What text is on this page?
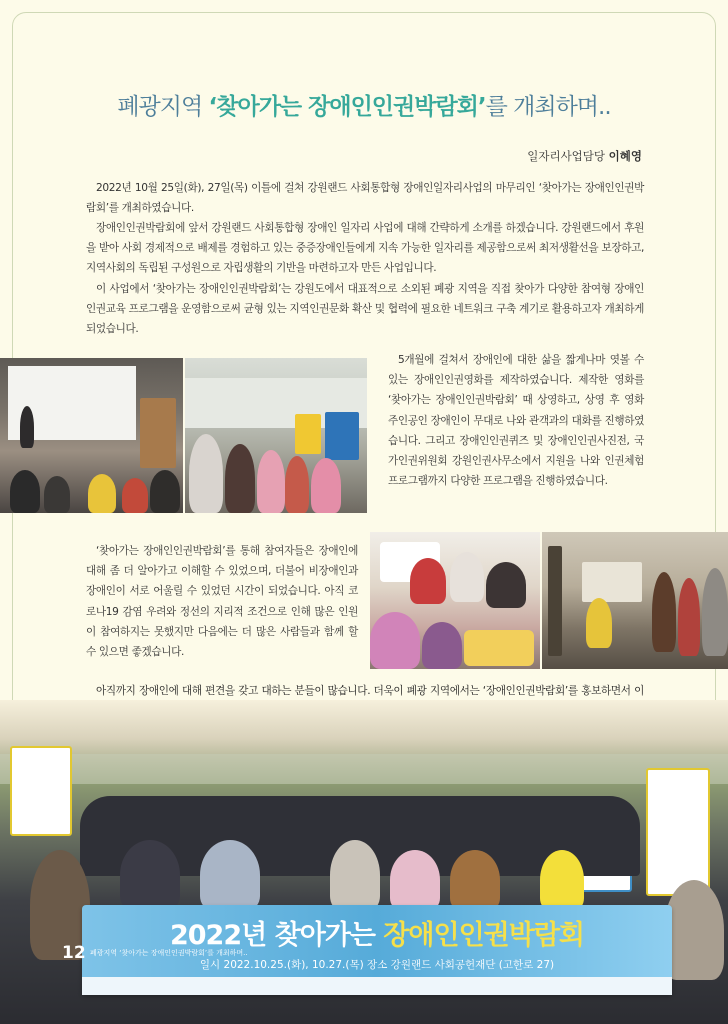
폐광지역 ‘찾아가는 장애인인권박람회’를 개최하며..
일자리사업담당 이혜영

2022년 10월 25일(화), 27일(목) 이틀에 걸쳐 강원랜드 사회통합형 장애인일자리사업의 마무리인 ‘찾아가는 장애인인권박람회’를 개최하였습니다.

장애인인권박람회에 앞서 강원랜드 사회통합형 장애인 일자리 사업에 대해 간략하게 소개를 하겠습니다. 강원랜드에서 후원을 받아 사회 경제적으로 배제를 경험하고 있는 중증장애인들에게 지속 가능한 일자리를 제공함으로써 최저생활선을 보장하고, 지역사회의 독립된 구성원으로 자립생활의 기반을 마련하고자 만든 사업입니다.

이 사업에서 ‘찾아가는 장애인인권박람회’는 강원도에서 대표적으로 소외된 폐광 지역을 직접 찾아가 다양한 참여형 장애인인권교육 프로그램을 운영함으로써 균형 있는 지역인권문화 확산 및 협력에 필요한 네트워크 구축 계기로 활용하고자 개최하게 되었습니다.

5개월에 걸쳐서 장애인에 대한 삶을 짧게나마 엿볼 수 있는 장애인인권영화를 제작하였습니다. 제작한 영화를 ‘찾아가는 장애인인권박람회’ 때 상영하고, 상영 후 영화 주인공인 장애인이 무대로 나와 관객과의 대화를 진행하였습니다. 그리고 장애인인권퀴즈 및 장애인인권사진전, 국가인권위원회 강원인권사무소에서 지원을 나와 인권체험프로그램까지 다양한 프로그램을 진행하였습니다.

‘찾아가는 장애인인권박람회’를 통해 참여자들은 장애인에 대해 좀 더 알아가고 이해할 수 있었으며, 더불어 비장애인과 장애인이 서로 어울릴 수 있었던 시간이 되었습니다. 아직 코로나19 감염 우려와 정선의 지리적 조건으로 인해 많은 인원이 참여하지는 못했지만 다음에는 더 많은 사람들과 함께 할 수 있으면 좋겠습니다.

아직까지 장애인에 대해 편견을 갖고 대하는 분들이 많습니다. 더욱이 폐광 지역에서는 ‘장애인인권박람회’를 홍보하면서 이

2022년 찾아가는 장애인인권박람회
일시 2022.10.25.(화), 10.27.(목) 장소 강원랜드 사회공헌재단 (고한로 27)
12 폐광지역 ‘찾아가는 장애인인권박람회’를 개최하며..
